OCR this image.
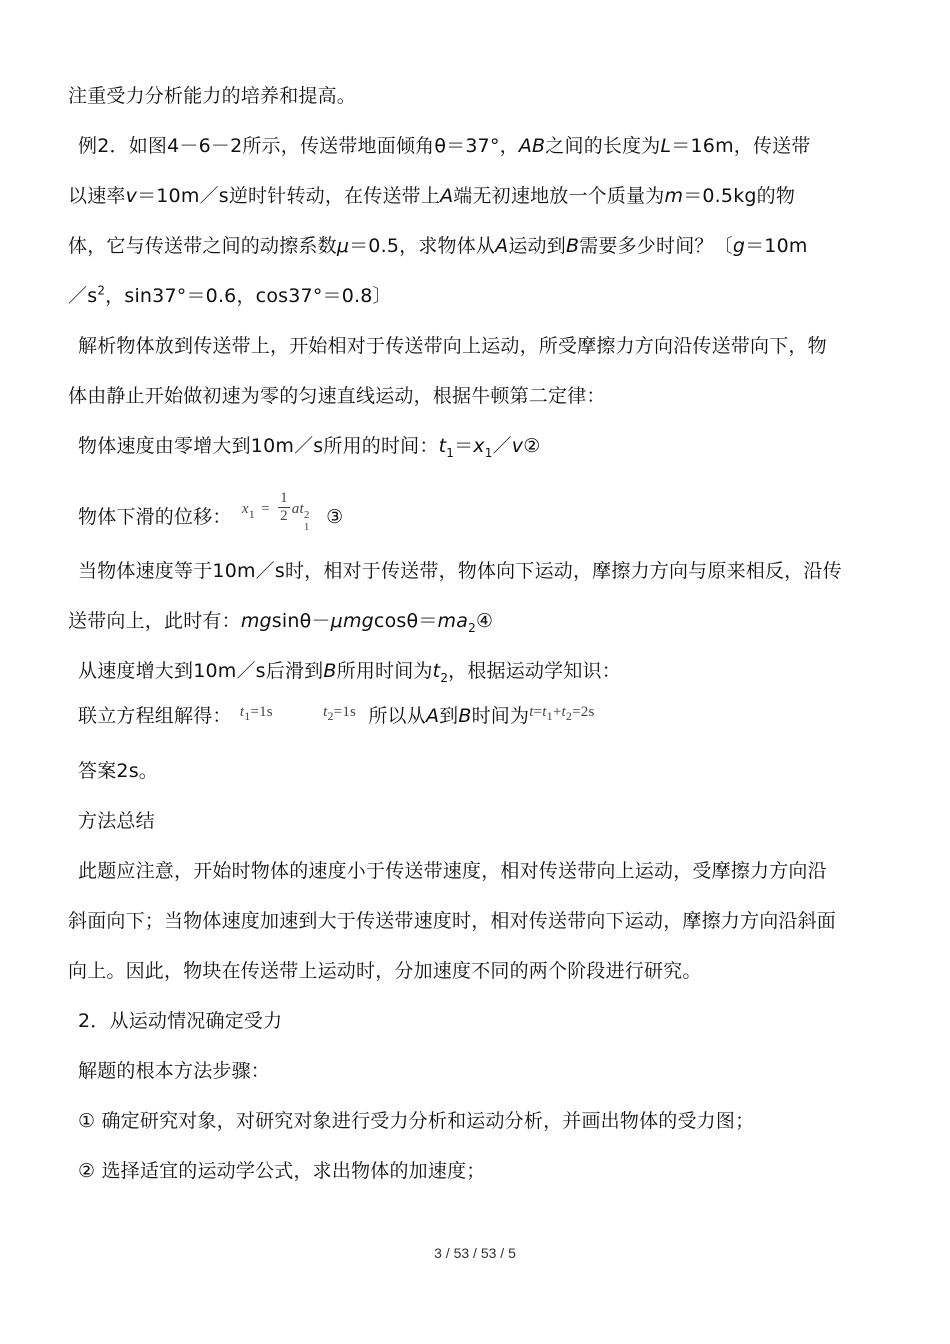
注重受力分析能力的培养和提高。
例2．如图4－6－2所示，传送带地面倾角θ＝37°，AB之间的长度为L＝16m，传送带
以速率v＝10m／s逆时针转动，在传送带上A端无初速地放一个质量为m＝0.5kg的物
体，它与传送带之间的动擦系数μ＝0.5，求物体从A运动到B需要多少时间？〔g＝10m
$/s^2$，sin37°＝0.6，cos37°＝0.8〕
解析物体放到传送带上，开始相对于传送带向上运动，所受摩擦力方向沿传送带向下，物
体由静止开始做初速为零的匀速直线运动，根据牛顿第二定律：
物体速度由零增大到10m／s所用的时间：$t_1=x_1/v②$
物体下滑的位移： $x_1 = \frac{1}{2}$ at 2
1 ③
当物体速度等于10m／s时，相对于传送带，物体向下运动，摩擦力方向与原来相反，沿传
送带向上，此时有：$mgsin\theta-\mu mgcos\theta=ma_2④$
从速度增大到10m／s后滑到B所用时间为$t_2$，根据运动学知识：
联立方程组解得： $^{t_1=1s}$	$^{t_2=1s}$ 所以从A到B时间为$^{t=t_1+t_2=2s}$
答案2s。
方法总结
此题应注意，开始时物体的速度小于传送带速度，相对传送带向上运动，受摩擦力方向沿
斜面向下；当物体速度加速到大于传送带速度时，相对传送带向下运动，摩擦力方向沿斜面
向上。因此，物块在传送带上运动时，分加速度不同的两个阶段进行研究。
2．从运动情况确定受力
解题的根本方法步骤：
① 确定研究对象，对研究对象进行受力分析和运动分析，并画出物体的受力图；
② 选择适宜的运动学公式，求出物体的加速度；
3 / 53 / 53 / 5
